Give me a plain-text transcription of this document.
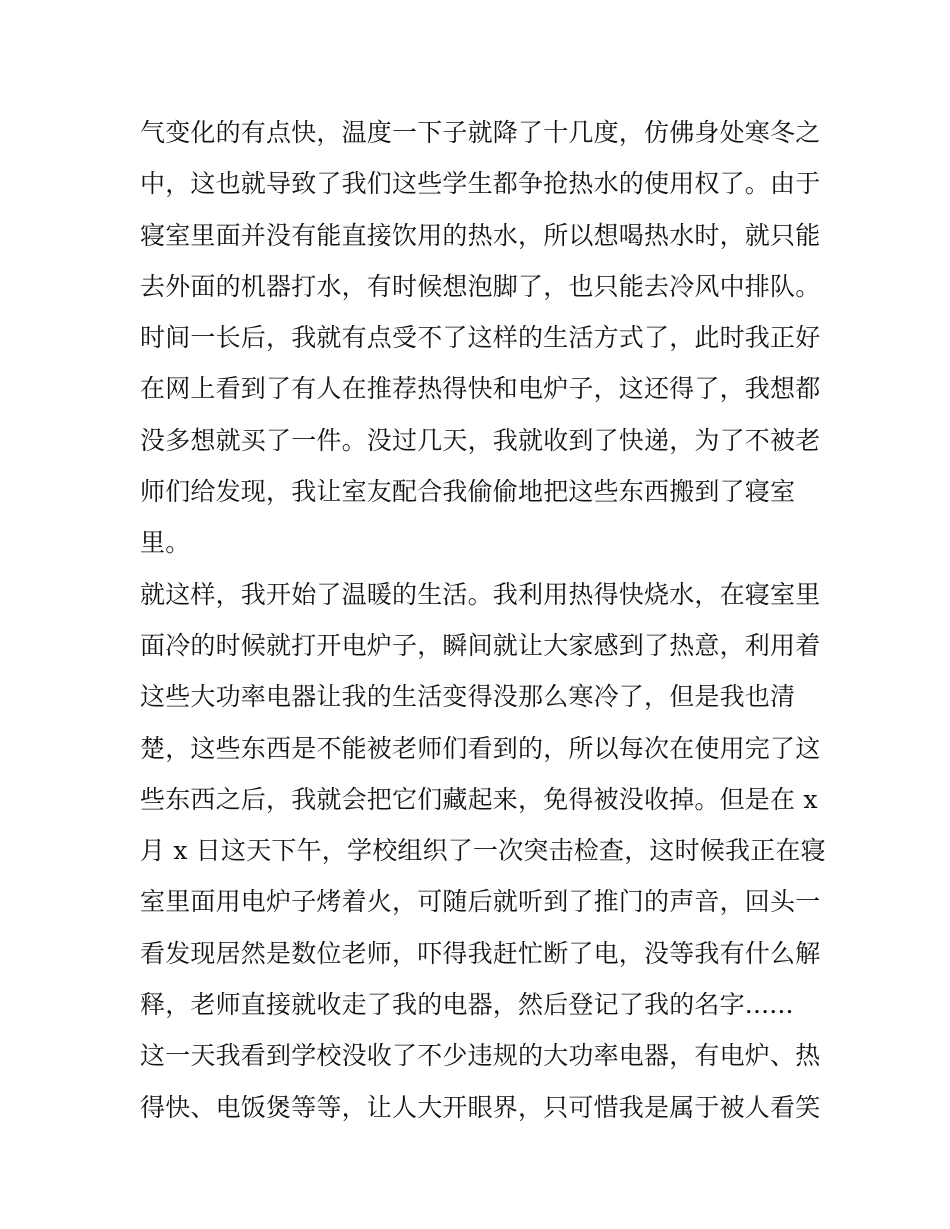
气变化的有点快，温度一下子就降了十几度，仿佛身处寒冬之
中，这也就导致了我们这些学生都争抢热水的使用权了。由于
寝室里面并没有能直接饮用的热水，所以想喝热水时，就只能
去外面的机器打水，有时候想泡脚了，也只能去冷风中排队。
时间一长后，我就有点受不了这样的生活方式了，此时我正好
在网上看到了有人在推荐热得快和电炉子，这还得了，我想都
没多想就买了一件。没过几天，我就收到了快递，为了不被老
师们给发现，我让室友配合我偷偷地把这些东西搬到了寝室
里。
就这样，我开始了温暖的生活。我利用热得快烧水，在寝室里
面冷的时候就打开电炉子，瞬间就让大家感到了热意，利用着
这些大功率电器让我的生活变得没那么寒冷了，但是我也清
楚，这些东西是不能被老师们看到的，所以每次在使用完了这
些东西之后，我就会把它们藏起来，免得被没收掉。但是在 x
月 x 日这天下午，学校组织了一次突击检查，这时候我正在寝
室里面用电炉子烤着火，可随后就听到了推门的声音，回头一
看发现居然是数位老师，吓得我赶忙断了电，没等我有什么解
释，老师直接就收走了我的电器，然后登记了我的名字......
这一天我看到学校没收了不少违规的大功率电器，有电炉、热
得快、电饭煲等等，让人大开眼界，只可惜我是属于被人看笑
